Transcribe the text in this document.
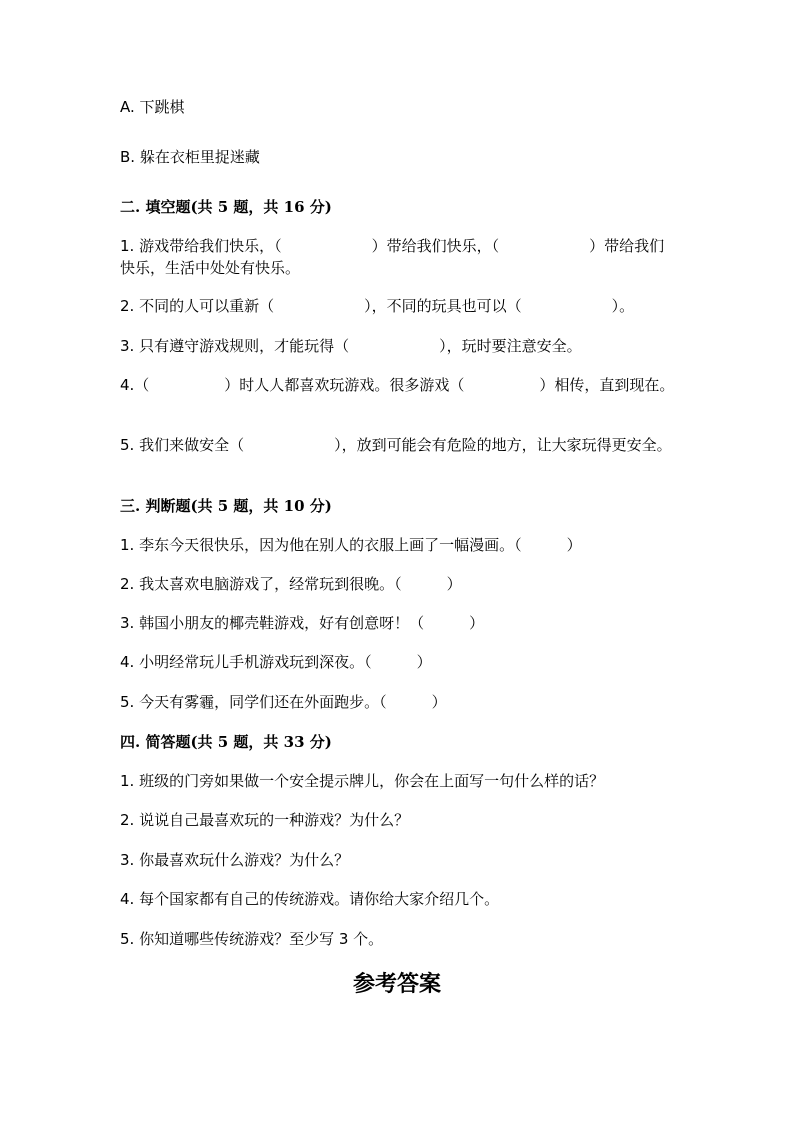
A. 下跳棋
B. 躲在衣柜里捉迷藏
二. 填空题(共 5 题，共 16 分)
1. 游戏带给我们快乐，（　　　　　　）带给我们快乐，（　　　　　　）带给我们快乐，生活中处处有快乐。
2. 不同的人可以重新（　　　　　　），不同的玩具也可以（　　　　　　）。
3. 只有遵守游戏规则，才能玩得（　　　　　　），玩时要注意安全。
4.（　　　　　）时人人都喜欢玩游戏。很多游戏（　　　　　）相传，直到现在。
5. 我们来做安全（　　　　　　），放到可能会有危险的地方，让大家玩得更安全。
三. 判断题(共 5 题，共 10 分)
1. 李东今天很快乐，因为他在别人的衣服上画了一幅漫画。（　　　）
2. 我太喜欢电脑游戏了，经常玩到很晚。（　　　）
3. 韩国小朋友的椰壳鞋游戏，好有创意呀！（　　　）
4. 小明经常玩儿手机游戏玩到深夜。（　　　）
5. 今天有雾霾，同学们还在外面跑步。（　　　）
四. 简答题(共 5 题，共 33 分)
1. 班级的门旁如果做一个安全提示牌儿，你会在上面写一句什么样的话？
2. 说说自己最喜欢玩的一种游戏？为什么？
3. 你最喜欢玩什么游戏？为什么？
4. 每个国家都有自己的传统游戏。请你给大家介绍几个。
5. 你知道哪些传统游戏？至少写 3 个。
参考答案
